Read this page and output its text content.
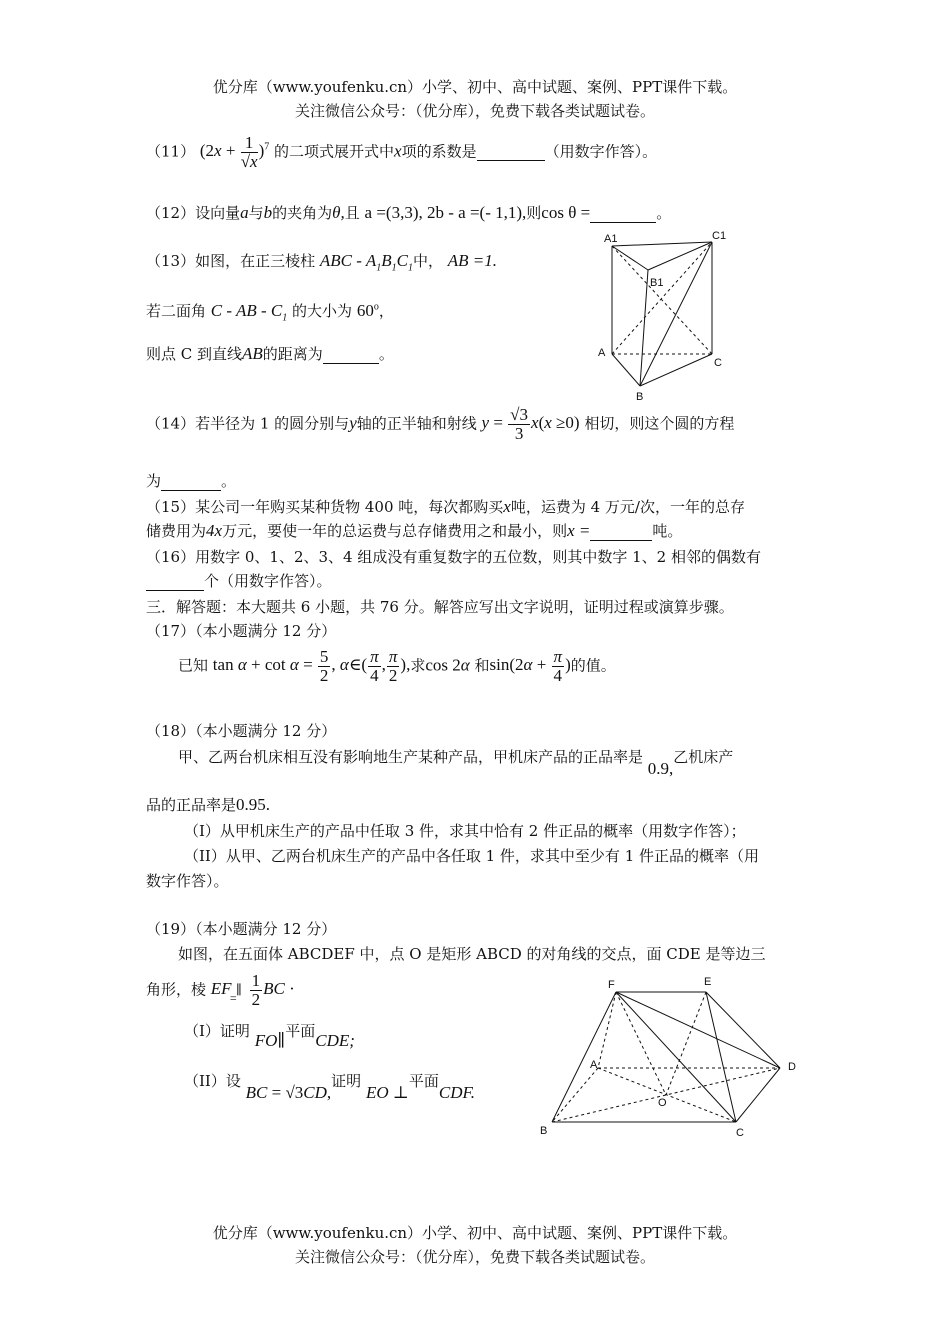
优分库（www.youfenku.cn）小学、初中、高中试题、案例、PPT课件下载。
关注微信公众号：（优分库），免费下载各类试题试卷。
（11） $(2x + \frac{1}{√x} )^7$ 的二项式展开式中x项的系数是	（用数字作答）。
（12）设向量a与b的夹角为θ,且 a =(3,3), 2b - a =(- 1,1),则cos θ =	。
（13）如图，在正三棱柱 ABC - $A_1B_1C_1$中， AB =1.
若二面角 C - AB - $C_1$ 的大小为 60$^o$，
则点 C 到直线AB的距离为	。
A1	C1
B1
A
C
B
（14）若半径为 1 的圆分别与y轴的正半轴和射线 $y = \frac{√3}{3} x(x \ge 0)$ 相切，则这个圆的方程
为	。
（15）某公司一年购买某种货物 400 吨，每次都购买x吨，运费为 4 万元/次，一年的总存
储费用为4x万元，要使一年的总运费与总存储费用之和最小，则x =	吨。
（16）用数字 0、1、2、3、4 组成没有重复数字的五位数，则其中数字 1、2 相邻的偶数有
个（用数字作答）。
三．解答题：本大题共 6 小题，共 76 分。解答应写出文字说明，证明过程或演算步骤。
（17）（本小题满分 12 分）
已知 $\tan \alpha + \cot \alpha = \frac{5}{2}$ , α∈( $\frac{\pi}{4}$ , $\frac{\pi}{2}$ ),求cos 2α 和$\sin(2\alpha + \frac{\pi}{4}$ )的值。
（18）（本小题满分 12 分）
甲、乙两台机床相互没有影响地生产某种产品，甲机床产品的正品率是 0.9,乙机床产
品的正品率是0.95.
（I）从甲机床生产的产品中任取 3 件，求其中恰有 2 件正品的概率（用数字作答）；
（II）从甲、乙两台机床生产的产品中各任取 1 件，求其中至少有 1 件正品的概率（用
数字作答）。
（19）（本小题满分 12 分）
如图，在五面体 ABCDEF 中，点 O 是矩形 ABCD 的对角线的交点，面 CDE 是等边三
角形，棱 EF ∥= $\frac{1}{2}$ BC ·
（I）证明 FO∥平面CDE;
（II）设 BC = √3CD,证明 EO ⊥平面CDF.
F	E
A	D
O
B	C
优分库（www.youfenku.cn）小学、初中、高中试题、案例、PPT课件下载。
关注微信公众号：（优分库），免费下载各类试题试卷。
